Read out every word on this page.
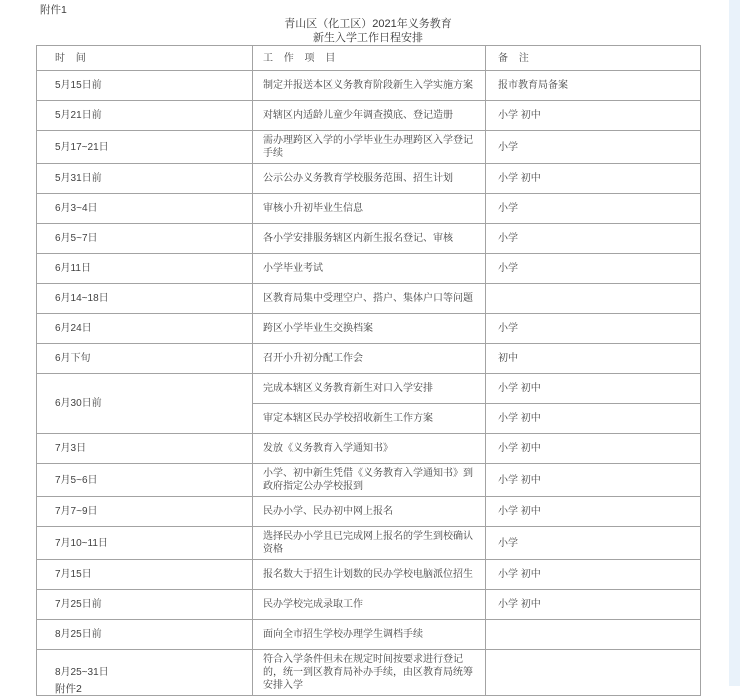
附件1
青山区（化工区）2021年义务教育
新生入学工作日程安排
时 间	工 作 项 目	备 注
5月15日前	制定并报送本区义务教育阶段新生入学实施方案	报市教育局备案
5月21日前	对辖区内适龄儿童少年调查摸底、登记造册	小学 初中
5月17~21日	需办理跨区入学的小学毕业生办理跨区入学登记手续	小学
5月31日前	公示公办义务教育学校服务范围、招生计划	小学 初中
6月3~4日	审核小升初毕业生信息	小学
6月5~7日	各小学安排服务辖区内新生报名登记、审核	小学
6月11日	小学毕业考试	小学
6月14~18日	区教育局集中受理空户、搭户、集体户口等问题	
6月24日	跨区小学毕业生交换档案	小学
6月下旬	召开小升初分配工作会	初中
6月30日前	完成本辖区义务教育新生对口入学安排	小学 初中
	审定本辖区民办学校招收新生工作方案	小学 初中
7月3日	发放《义务教育入学通知书》	小学 初中
7月5~6日	小学、初中新生凭借《义务教育入学通知书》到政府指定公办学校报到	小学 初中
7月7~9日	民办小学、民办初中网上报名	小学 初中
7月10~11日	选择民办小学且已完成网上报名的学生到校确认资格	小学
7月15日	报名数大于招生计划数的民办学校电脑派位招生	小学 初中
7月25日前	民办学校完成录取工作	小学 初中
8月25日前	面向全市招生学校办理学生调档手续	
8月25~31日	符合入学条件但未在规定时间按要求进行登记的，统一到区教育局补办手续，由区教育局统筹安排入学	
附件2
